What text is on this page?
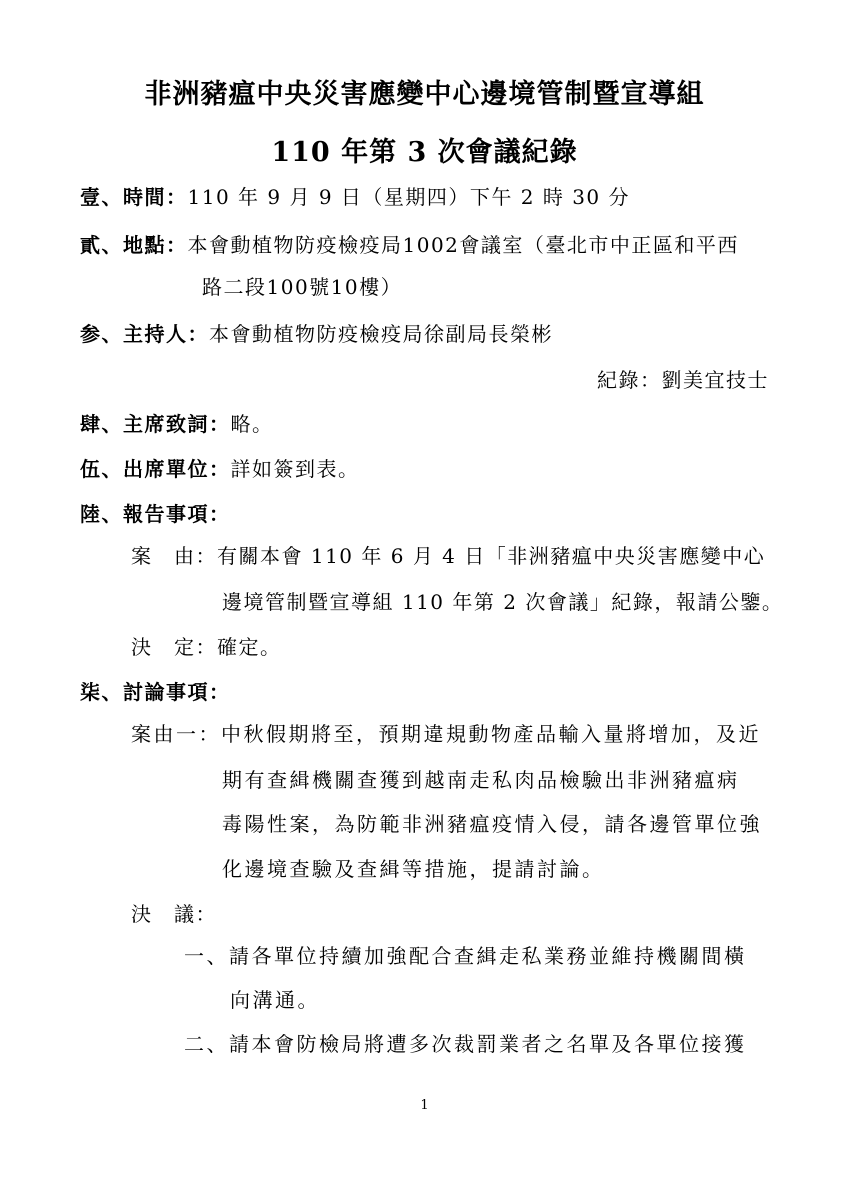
非洲豬瘟中央災害應變中心邊境管制暨宣導組
110 年第 3 次會議紀錄
壹、時間：110 年 9 月 9 日（星期四）下午 2 時 30 分
貳、地點：本會動植物防疫檢疫局1002會議室（臺北市中正區和平西
路二段100號10樓）
参、主持人：本會動植物防疫檢疫局徐副局長榮彬
紀錄：劉美宜技士
肆、主席致詞：略。
伍、出席單位：詳如簽到表。
陸、報告事項：
案　由：有關本會 110 年 6 月 4 日「非洲豬瘟中央災害應變中心
邊境管制暨宣導組 110 年第 2 次會議」紀錄，報請公鑒。
決　定：確定。
柒、討論事項：
案由一：中秋假期將至，預期違規動物產品輸入量將增加，及近
期有查緝機關查獲到越南走私肉品檢驗出非洲豬瘟病
毒陽性案，為防範非洲豬瘟疫情入侵，請各邊管單位強
化邊境查驗及查緝等措施，提請討論。
決　議：
一、請各單位持續加強配合查緝走私業務並維持機關間橫
向溝通。
二、請本會防檢局將遭多次裁罰業者之名單及各單位接獲
1
